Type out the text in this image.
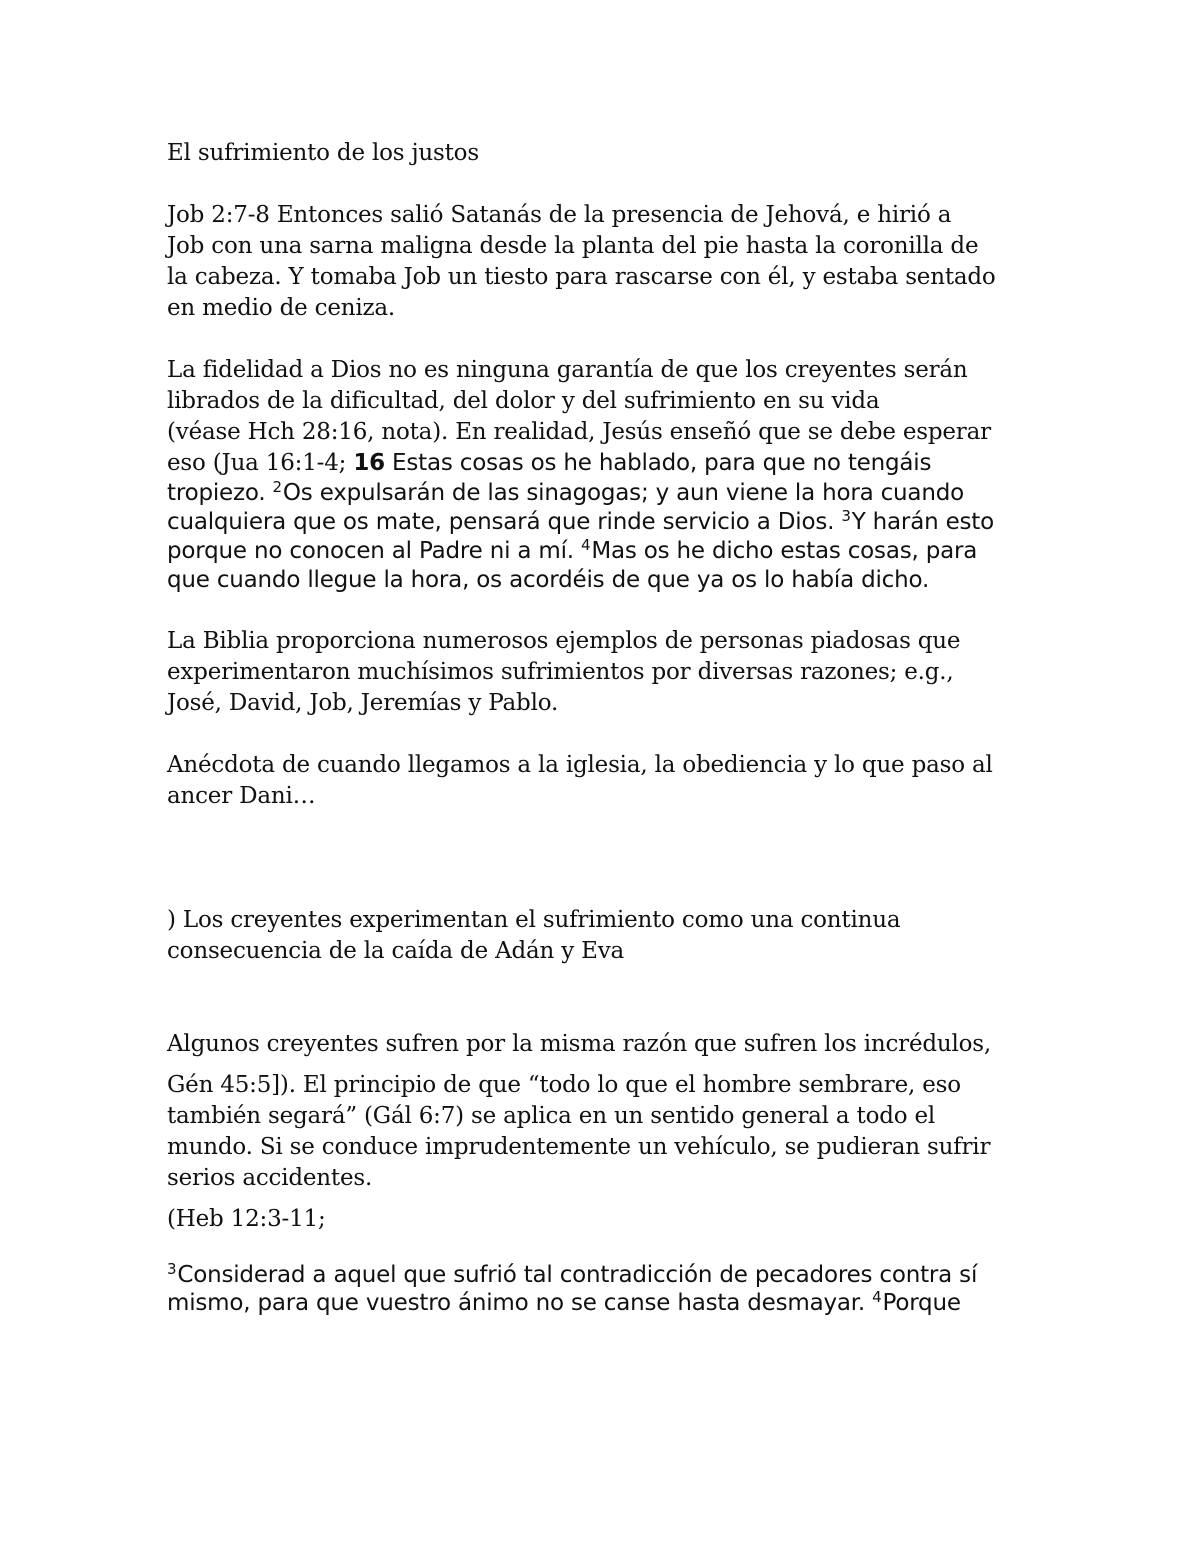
El sufrimiento de los justos

Job 2:7-8 Entonces salió Satanás de la presencia de Jehová, e hirió a
Job con una sarna maligna desde la planta del pie hasta la coronilla de
la cabeza. Y tomaba Job un tiesto para rascarse con él, y estaba sentado
en medio de ceniza.

La fidelidad a Dios no es ninguna garantía de que los creyentes serán
librados de la dificultad, del dolor y del sufrimiento en su vida
(véase Hch 28:16, nota). En realidad, Jesús enseñó que se debe esperar

eso (Jua 16:1-4; 16 Estas cosas os he hablado, para que no tengáis
tropiezo. $^2$Os expulsarán de las sinagogas; y aun viene la hora cuando
cualquiera que os mate, pensará que rinde servicio a Dios. $^3$Y harán esto
porque no conocen al Padre ni a mí. $^4$Mas os he dicho estas cosas, para
que cuando llegue la hora, os acordéis de que ya os lo había dicho.

La Biblia proporciona numerosos ejemplos de personas piadosas que
experimentaron muchísimos sufrimientos por diversas razones; e.g.,
José, David, Job, Jeremías y Pablo.

Anécdota de cuando llegamos a la iglesia, la obediencia y lo que paso al
ancer Dani…

) Los creyentes experimentan el sufrimiento como una continua
consecuencia de la caída de Adán y Eva

Algunos creyentes sufren por la misma razón que sufren los incrédulos,

Gén 45:5]). El principio de que “todo lo que el hombre sembrare, eso
también segará” (Gál 6:7) se aplica en un sentido general a todo el
mundo. Si se conduce imprudentemente un vehículo, se pudieran sufrir
serios accidentes.

(Heb 12:3-11;

$^3$Considerad a aquel que sufrió tal contradicción de pecadores contra sí
mismo, para que vuestro ánimo no se canse hasta desmayar. $^4$Porque
